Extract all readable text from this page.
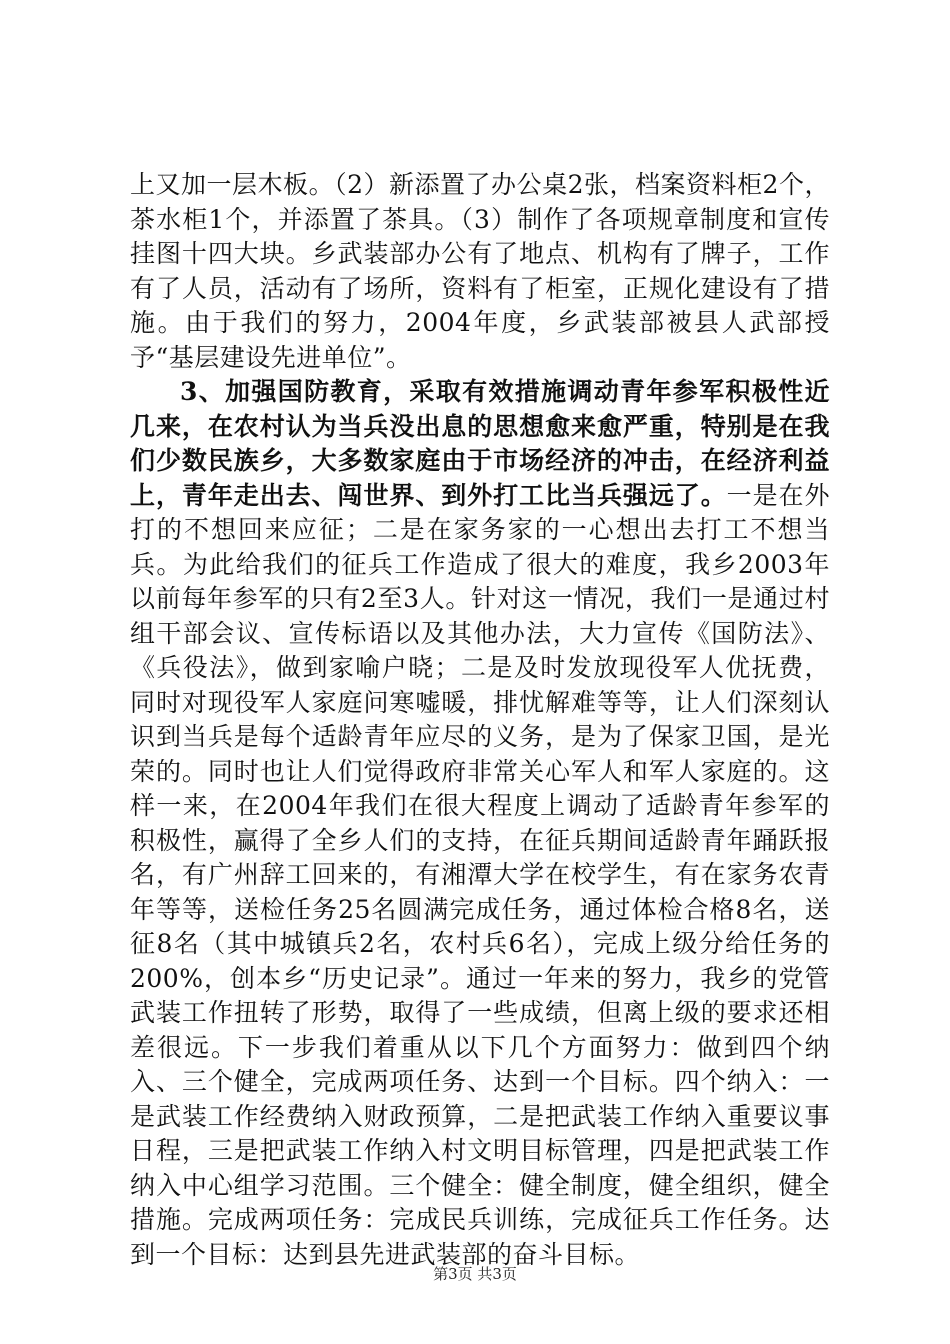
上又加一层木板。（2）新添置了办公桌2张，档案资料柜2个，茶水柜1个，并添置了茶具。（3）制作了各项规章制度和宣传挂图十四大块。乡武装部办公有了地点、机构有了牌子，工作有了人员，活动有了场所，资料有了柜室，正规化建设有了措施。由于我们的努力，2004年度，乡武装部被县人武部授予“基层建设先进单位”。

3、加强国防教育，采取有效措施调动青年参军积极性近几来，在农村认为当兵没出息的思想愈来愈严重，特别是在我们少数民族乡，大多数家庭由于市场经济的冲击，在经济利益上，青年走出去、闯世界、到外打工比当兵强远了。一是在外打的不想回来应征；二是在家务家的一心想出去打工不想当兵。为此给我们的征兵工作造成了很大的难度，我乡2003年以前每年参军的只有2至3人。针对这一情况，我们一是通过村组干部会议、宣传标语以及其他办法，大力宣传《国防法》、《兵役法》，做到家喻户晓；二是及时发放现役军人优抚费，同时对现役军人家庭问寒嘘暖，排忧解难等等，让人们深刻认识到当兵是每个适龄青年应尽的义务，是为了保家卫国，是光荣的。同时也让人们觉得政府非常关心军人和军人家庭的。这样一来，在2004年我们在很大程度上调动了适龄青年参军的积极性，赢得了全乡人们的支持，在征兵期间适龄青年踊跃报名，有广州辞工回来的，有湘潭大学在校学生，有在家务农青年等等，送检任务25名圆满完成任务，通过体检合格8名，送征8名（其中城镇兵2名，农村兵6名），完成上级分给任务的200%，创本乡“历史记录”。通过一年来的努力，我乡的党管武装工作扭转了形势，取得了一些成绩，但离上级的要求还相差很远。下一步我们着重从以下几个方面努力：做到四个纳入、三个健全，完成两项任务、达到一个目标。四个纳入：一是武装工作经费纳入财政预算，二是把武装工作纳入重要议事日程，三是把武装工作纳入村文明目标管理，四是把武装工作纳入中心组学习范围。三个健全：健全制度，健全组织，健全措施。完成两项任务：完成民兵训练，完成征兵工作任务。达到一个目标：达到县先进武装部的奋斗目标。

第3页 共3页
